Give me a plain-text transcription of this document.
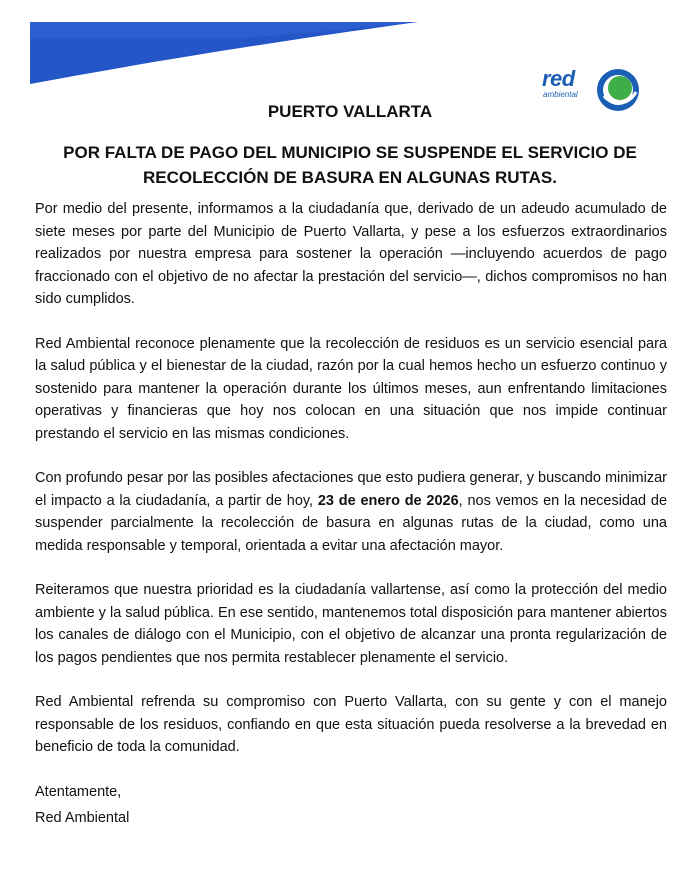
red
ambiental
PUERTO VALLARTA
POR FALTA DE PAGO DEL MUNICIPIO SE SUSPENDE EL SERVICIO DE RECOLECCIÓN DE BASURA EN ALGUNAS RUTAS.

Por medio del presente, informamos a la ciudadanía que, derivado de un adeudo acumulado de siete meses por parte del Municipio de Puerto Vallarta, y pese a los esfuerzos extraordinarios realizados por nuestra empresa para sostener la operación —incluyendo acuerdos de pago fraccionado con el objetivo de no afectar la prestación del servicio—, dichos compromisos no han sido cumplidos.

Red Ambiental reconoce plenamente que la recolección de residuos es un servicio esencial para la salud pública y el bienestar de la ciudad, razón por la cual hemos hecho un esfuerzo continuo y sostenido para mantener la operación durante los últimos meses, aun enfrentando limitaciones operativas y financieras que hoy nos colocan en una situación que nos impide continuar prestando el servicio en las mismas condiciones.

Con profundo pesar por las posibles afectaciones que esto pudiera generar, y buscando minimizar el impacto a la ciudadanía, a partir de hoy, 23 de enero de 2026, nos vemos en la necesidad de suspender parcialmente la recolección de basura en algunas rutas de la ciudad, como una medida responsable y temporal, orientada a evitar una afectación mayor.

Reiteramos que nuestra prioridad es la ciudadanía vallartense, así como la protección del medio ambiente y la salud pública. En ese sentido, mantenemos total disposición para mantener abiertos los canales de diálogo con el Municipio, con el objetivo de alcanzar una pronta regularización de los pagos pendientes que nos permita restablecer plenamente el servicio.

Red Ambiental refrenda su compromiso con Puerto Vallarta, con su gente y con el manejo responsable de los residuos, confiando en que esta situación pueda resolverse a la brevedad en beneficio de toda la comunidad.

Atentamente,

Red Ambiental
